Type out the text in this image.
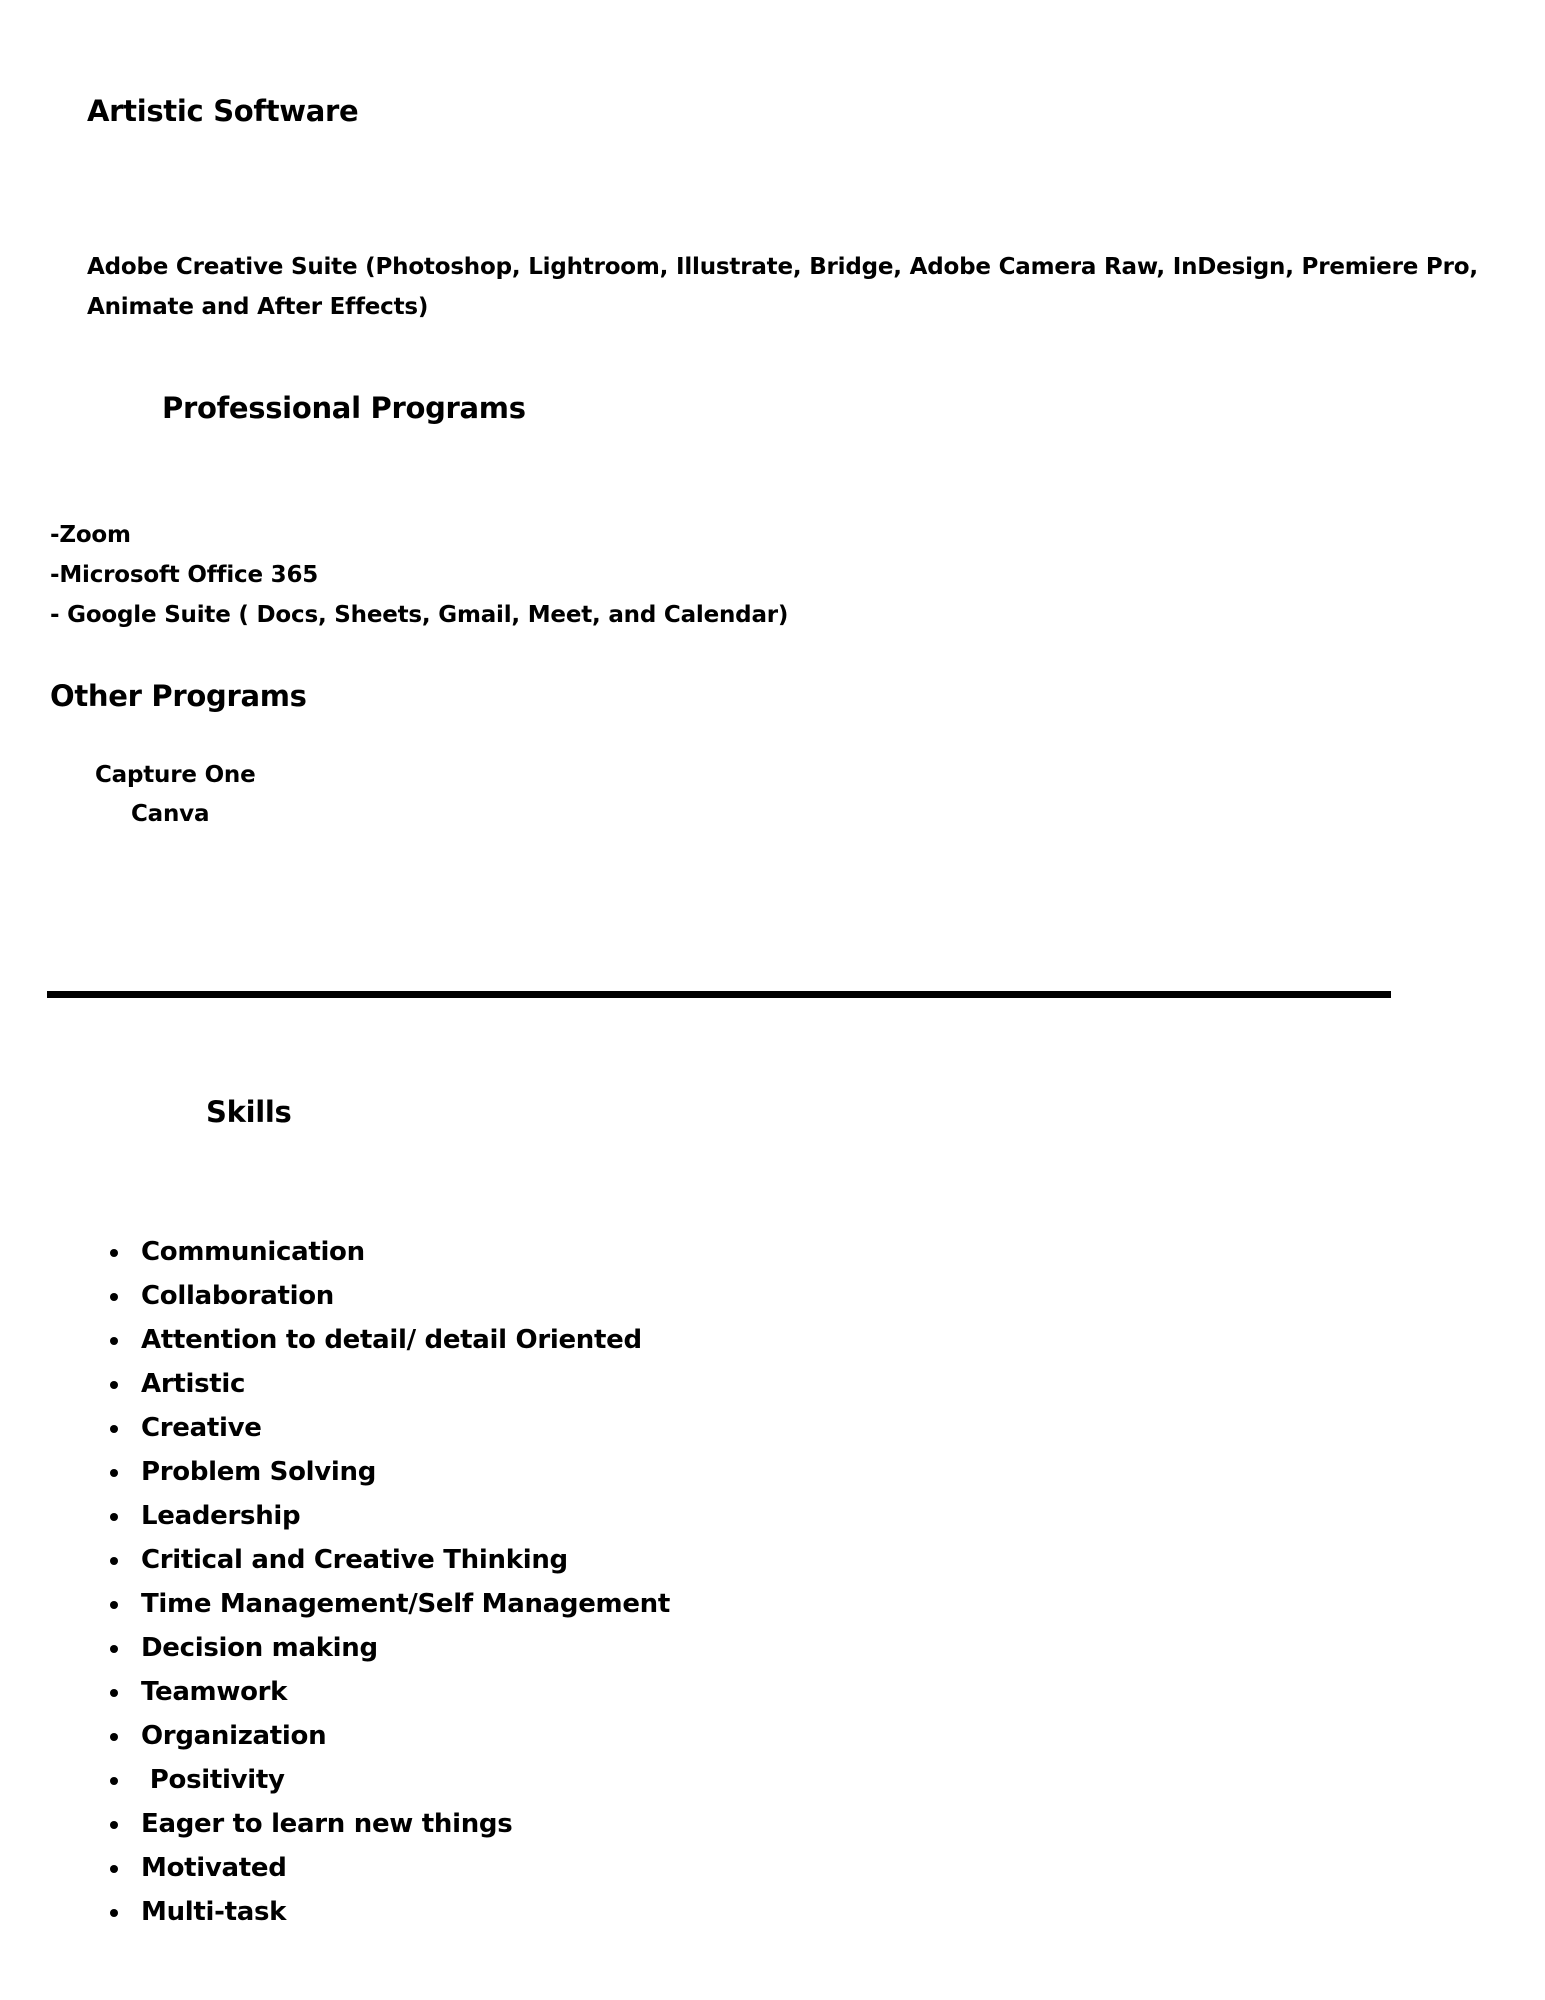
Artistic Software

Adobe Creative Suite (Photoshop, Lightroom, Illustrate, Bridge, Adobe Camera Raw, InDesign, Premiere Pro, Animate and After Effects)

Professional Programs
-Zoom
-Microsoft Office 365
- Google Suite ( Docs, Sheets, Gmail, Meet, and Calendar)
Other Programs
Capture One
Canva
Skills
Communication
Collaboration
Attention to detail/ detail Oriented
Artistic
Creative
Problem Solving
Leadership
Critical and Creative Thinking
Time Management/Self Management
Decision making
Teamwork
Organization
Positivity
Eager to learn new things
Motivated
Multi-task
